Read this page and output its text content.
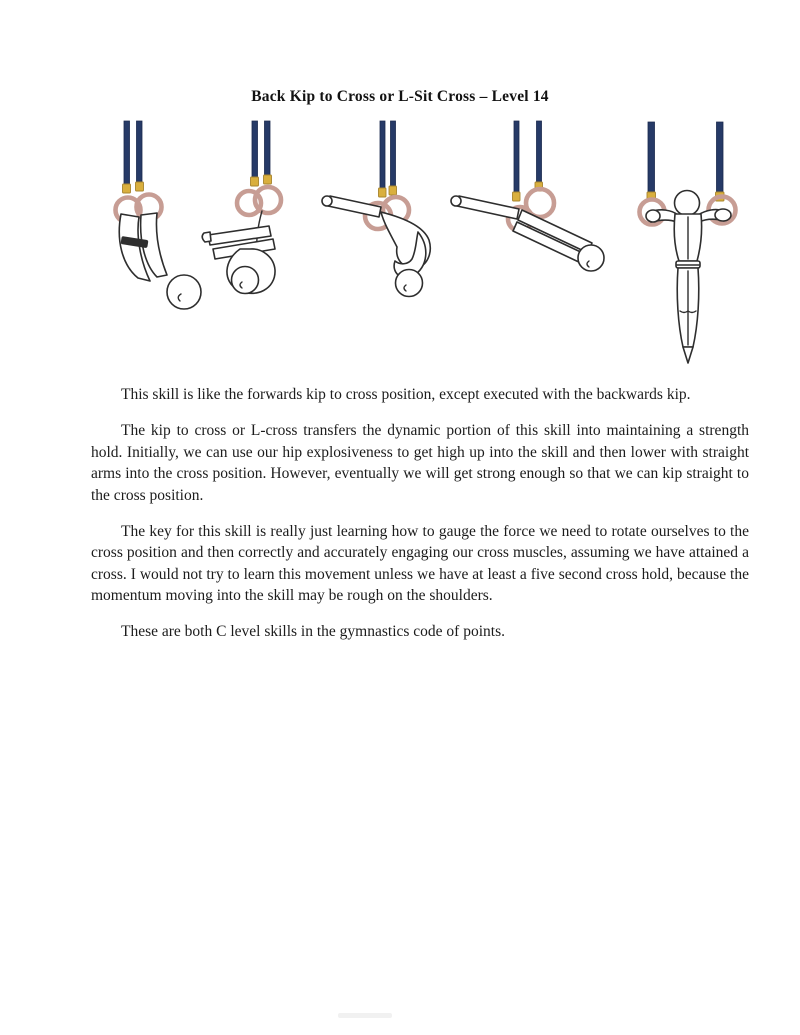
Back Kip to Cross or L-Sit Cross – Level 14

This skill is like the forwards kip to cross position, except executed with the backwards kip.

The kip to cross or L-cross transfers the dynamic portion of this skill into maintaining a strength hold. Initially, we can use our hip explosiveness to get high up into the skill and then lower with straight arms into the cross position. However, eventually we will get strong enough so that we can kip straight to the cross position.

The key for this skill is really just learning how to gauge the force we need to rotate ourselves to the cross position and then correctly and accurately engaging our cross muscles, assuming we have attained a cross. I would not try to learn this movement unless we have at least a five second cross hold, because the momentum moving into the skill may be rough on the shoulders.

These are both C level skills in the gymnastics code of points.
